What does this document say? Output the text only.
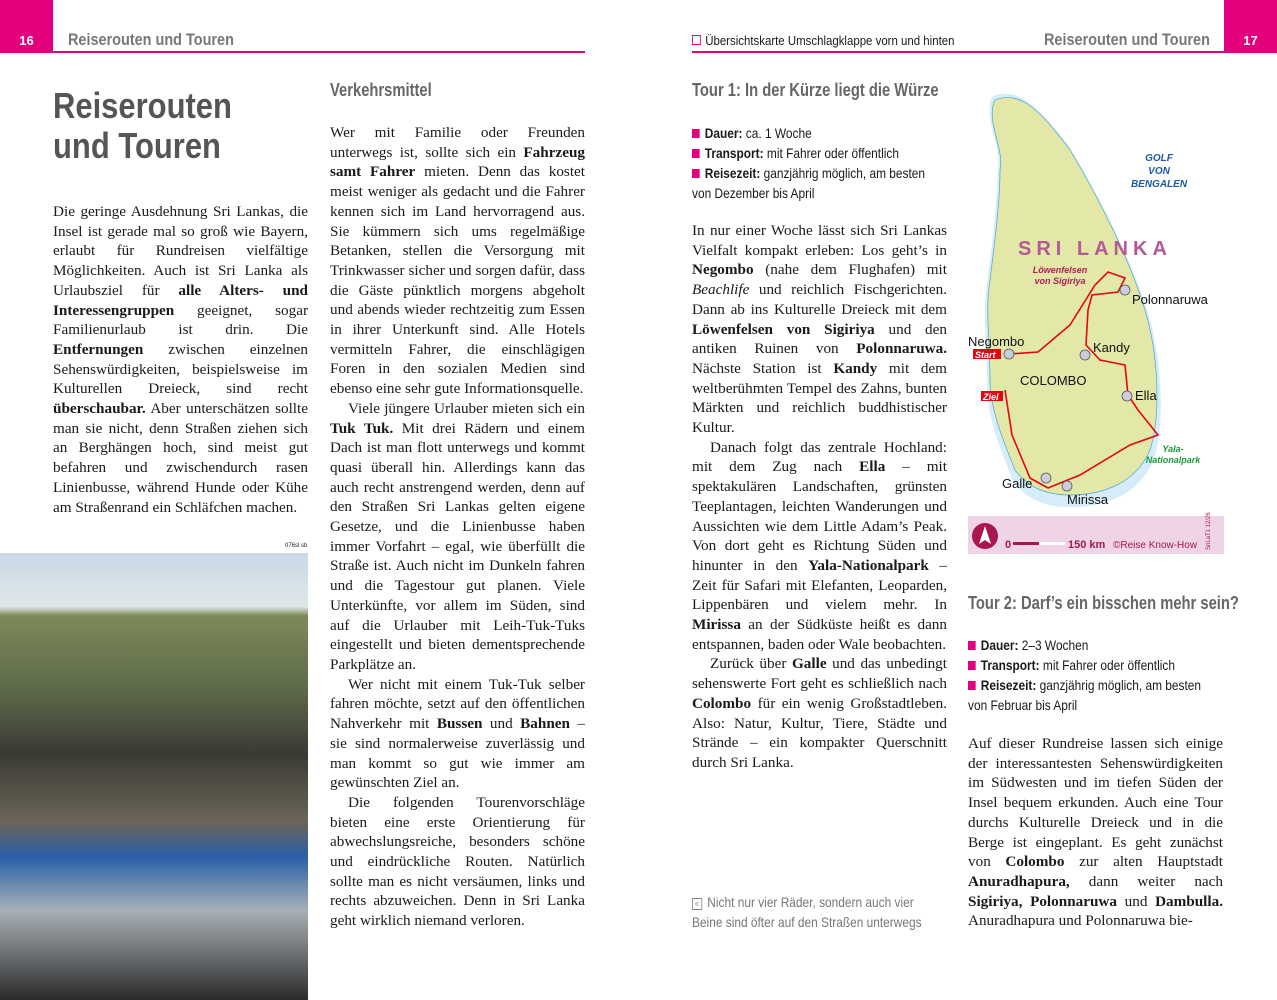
16	Reiserouten und Touren
Reiserouten
und Touren

Die geringe Ausdehnung Sri Lankas, die Insel ist gerade mal so groß wie Bayern, erlaubt für Rundreisen vielfältige Möglichkeiten. Auch ist Sri Lanka als Urlaubsziel für alle Alters- und Interessengruppen geeignet, sogar Familienurlaub ist drin. Die Entfernungen zwischen einzelnen Sehenswürdigkeiten, beispielsweise im Kulturellen Dreieck, sind recht überschaubar. Aber unterschätzen sollte man sie nicht, denn Straßen ziehen sich an Berghängen hoch, sind meist gut befahren und zwischendurch rasen Linienbusse, während Hunde oder Kühe am Straßenrand ein Schläfchen machen.

076sl sb
Verkehrsmittel

Wer mit Familie oder Freunden unterwegs ist, sollte sich ein Fahrzeug samt Fahrer mieten. Denn das kostet meist weniger als gedacht und die Fahrer kennen sich im Land hervorragend aus. Sie kümmern sich ums regelmäßige Betanken, stellen die Versorgung mit Trinkwasser sicher und sorgen dafür, dass die Gäste pünktlich morgens abgeholt und abends wieder rechtzeitig zum Essen in ihrer Unterkunft sind. Alle Hotels vermitteln Fahrer, die einschlägigen Foren in den sozialen Medien sind ebenso eine sehr gute Informationsquelle.

Viele jüngere Urlauber mieten sich ein Tuk Tuk. Mit drei Rädern und einem Dach ist man flott unterwegs und kommt quasi überall hin. Allerdings kann das auch recht anstrengend werden, denn auf den Straßen Sri Lankas gelten eigene Gesetze, und die Linienbusse haben immer Vorfahrt – egal, wie überfüllt die Straße ist. Auch nicht im Dunkeln fahren und die Tagestour gut planen. Viele Unterkünfte, vor allem im Süden, sind auf die Urlauber mit Leih-Tuk-Tuks eingestellt und bieten dementsprechende Parkplätze an.

Wer nicht mit einem Tuk-Tuk selber fahren möchte, setzt auf den öffentlichen Nahverkehr mit Bussen und Bahnen – sie sind normalerweise zuverlässig und man kommt so gut wie immer am gewünschten Ziel an.

Die folgenden Tourenvorschläge bieten eine erste Orientierung für abwechslungsreiche, besonders schöne und eindrückliche Routen. Natürlich sollte man es nicht versäumen, links und rechts abzuweichen. Denn in Sri Lanka geht wirklich niemand verloren.

17
Reiserouten und Touren
Übersichtskarte Umschlagklappe vorn und hinten
Tour 1: In der Kürze liegt die Würze
Dauer: ca. 1 Woche
Transport: mit Fahrer oder öffentlich
Reisezeit: ganzjährig möglich, am besten von Dezember bis April

In nur einer Woche lässt sich Sri Lankas Vielfalt kompakt erleben: Los geht’s in Negombo (nahe dem Flughafen) mit Beachlife und reichlich Fischgerichten. Dann ab ins Kulturelle Dreieck mit dem Löwenfelsen von Sigiriya und den antiken Ruinen von Polonnaruwa. Nächste Station ist Kandy mit dem weltberühmten Tempel des Zahns, bunten Märkten und reichlich buddhistischer Kultur.

Danach folgt das zentrale Hochland: mit dem Zug nach Ella – mit spektakulären Landschaften, grünsten Teeplantagen, leichten Wanderungen und Aussichten wie dem Little Adam’s Peak. Von dort geht es Richtung Süden und hinunter in den Yala-Nationalpark – Zeit für Safari mit Elefanten, Leoparden, Lippenbären und vielem mehr. In Mirissa an der Südküste heißt es dann entspannen, baden oder Wale beobachten.

Zurück über Galle und das unbedingt sehenswerte Fort geht es schließlich nach Colombo für ein wenig Großstadtleben. Also: Natur, Kultur, Tiere, Städte und Strände – ein kompakter Querschnitt durch Sri Lanka.

< Nicht nur vier Räder, sondern auch vier Beine sind öfter auf den Straßen unterwegs
GOLF VON BENGALEN
SRI LANKA
Löwenfelsen von Sigiriya
Negombo
Polonnaruwa
Kandy
COLOMBO
Ella
Galle
Mirissa
Yala-Nationalpark
Start
Ziel
0	150 km ©Reise Know-How SriLaT1 12/26
Tour 2: Darf’s ein bisschen mehr sein?
Dauer: 2–3 Wochen
Transport: mit Fahrer oder öffentlich
Reisezeit: ganzjährig möglich, am besten von Februar bis April

Auf dieser Rundreise lassen sich einige der interessantesten Sehenswürdigkeiten im Südwesten und im tiefen Süden der Insel bequem erkunden. Auch eine Tour durchs Kulturelle Dreieck und in die Berge ist eingeplant. Es geht zunächst von Colombo zur alten Hauptstadt Anuradhapura, dann weiter nach Sigiriya, Polonnaruwa und Dambulla. Anuradhapura und Polonnaruwa bie-
